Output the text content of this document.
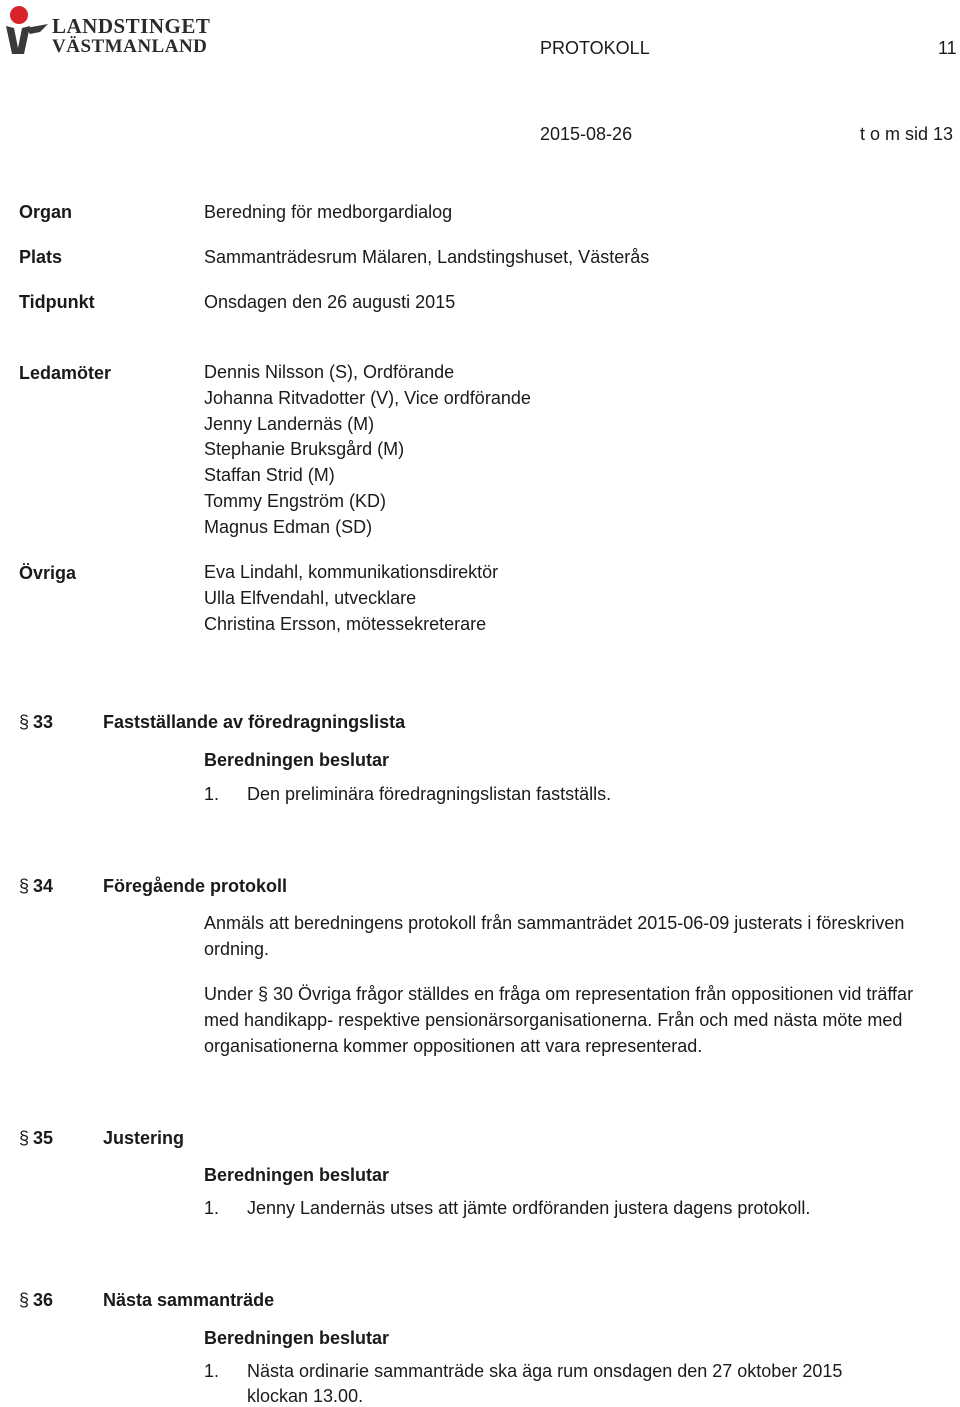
LANDSTINGET
VÄSTMANLAND	PROTOKOLL	11
2015-08-26	t o m sid 13
Organ	Beredning för medborgardialog
Plats	Sammanträdesrum Mälaren, Landstingshuset, Västerås
Tidpunkt	Onsdagen den 26 augusti 2015
Ledamöter	Dennis Nilsson (S), Ordförande
Johanna Ritvadotter (V), Vice ordförande
Jenny Landernäs (M)
Stephanie Bruksgård (M)
Staffan Strid (M)
Tommy Engström (KD)
Magnus Edman (SD)
Övriga	Eva Lindahl, kommunikationsdirektör
Ulla Elfvendahl, utvecklare
Christina Ersson, mötessekreterare
§ 33	Fastställande av föredragningslista
Beredningen beslutar
1. Den preliminära föredragningslistan fastställs.
§ 34	Föregående protokoll
Anmäls att beredningens protokoll från sammanträdet 2015-06-09 justerats i föreskriven ordning.
Under § 30 Övriga frågor ställdes en fråga om representation från oppositionen vid träffar med handikapp- respektive pensionärsorganisationerna. Från och med nästa möte med organisationerna kommer oppositionen att vara representerad.
§ 35	Justering
Beredningen beslutar
1. Jenny Landernäs utses att jämte ordföranden justera dagens protokoll.
§ 36	Nästa sammanträde
Beredningen beslutar
1. Nästa ordinarie sammanträde ska äga rum onsdagen den 27 oktober 2015
klockan 13.00.
